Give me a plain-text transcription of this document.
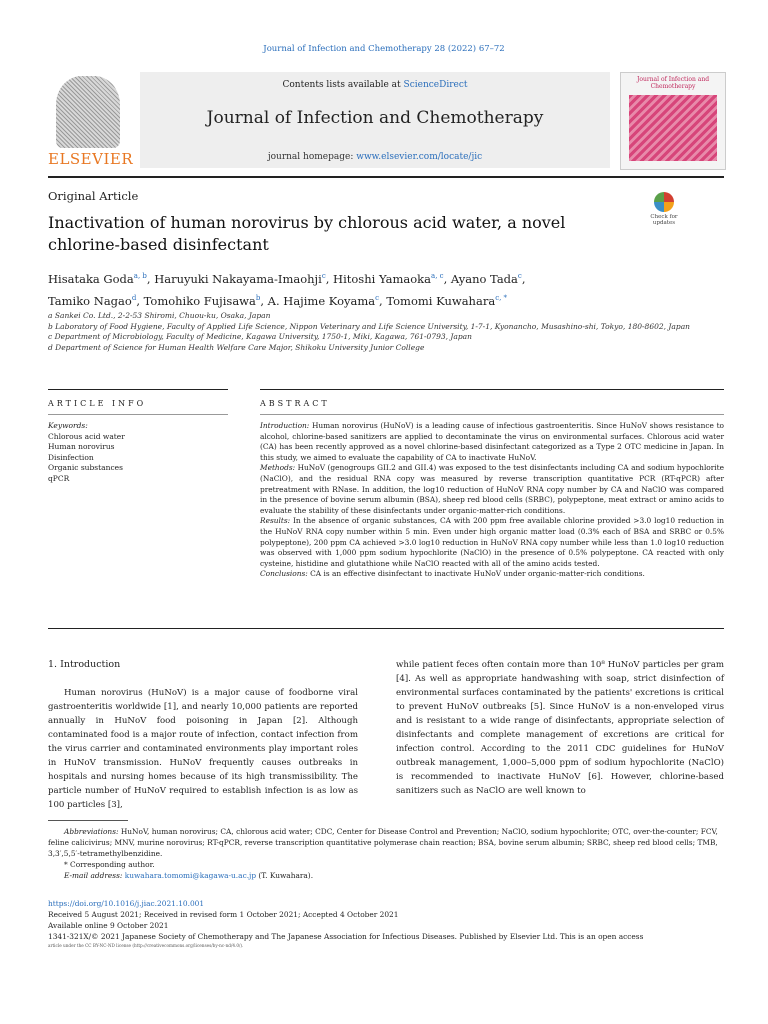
Journal of Infection and Chemotherapy 28 (2022) 67–72
ELSEVIER
Contents lists available at ScienceDirect
Journal of Infection and Chemotherapy
journal homepage: www.elsevier.com/locate/jic
Journal of Infection and Chemotherapy
Original Article
Inactivation of human norovirus by chlorous acid water, a novel chlorine-based disinfectant
Check for updates
Hisataka Goda$^{a, b}$, Haruyuki Nakayama-Imaohji$^c$, Hitoshi Yamaoka$^{a, c}$, Ayano Tada$^c$,
Tamiko Nagao$^d$, Tomohiko Fujisawa$^b$, A. Hajime Koyama$^c$, Tomomi Kuwahara$^{c, *}$
a Sankei Co. Ltd., 2-2-53 Shiromi, Chuou-ku, Osaka, Japan
b Laboratory of Food Hygiene, Faculty of Applied Life Science, Nippon Veterinary and Life Science University, 1-7-1, Kyonancho, Musashino-shi, Tokyo, 180-8602, Japan
c Department of Microbiology, Faculty of Medicine, Kagawa University, 1750-1, Miki, Kagawa, 761-0793, Japan
d Department of Science for Human Health Welfare Care Major, Shikoku University Junior College
ARTICLE INFO	ABSTRACT
Keywords:
Chlorous acid water
Human norovirus
Disinfection
Organic substances
qPCR

Introduction: Human norovirus (HuNoV) is a leading cause of infectious gastroenteritis. Since HuNoV shows resistance to alcohol, chlorine-based sanitizers are applied to decontaminate the virus on environmental surfaces. Chlorous acid water (CA) has been recently approved as a novel chlorine-based disinfectant categorized as a Type 2 OTC medicine in Japan. In this study, we aimed to evaluate the capability of CA to inactivate HuNoV.

Methods: HuNoV (genogroups GII.2 and GII.4) was exposed to the test disinfectants including CA and sodium hypochlorite (NaClO), and the residual RNA copy was measured by reverse transcription quantitative PCR (RT-qPCR) after pretreatment with RNase. In addition, the log10 reduction of HuNoV RNA copy number by CA and NaClO was compared in the presence of bovine serum albumin (BSA), sheep red blood cells (SRBC), polypeptone, meat extract or amino acids to evaluate the stability of these disinfectants under organic-matter-rich conditions.

Results: In the absence of organic substances, CA with 200 ppm free available chlorine provided >3.0 log10 reduction in the HuNoV RNA copy number within 5 min. Even under high organic matter load (0.3% each of BSA and SRBC or 0.5% polypeptone), 200 ppm CA achieved >3.0 log10 reduction in HuNoV RNA copy number while less than 1.0 log10 reduction was observed with 1,000 ppm sodium hypochlorite (NaClO) in the presence of 0.5% polypeptone. CA reacted with only cysteine, histidine and glutathione while NaClO reacted with all of the amino acids tested.

Conclusions: CA is an effective disinfectant to inactivate HuNoV under organic-matter-rich conditions.

1. Introduction

Human norovirus (HuNoV) is a major cause of foodborne viral gastroenteritis worldwide [1], and nearly 10,000 patients are reported annually in HuNoV food poisoning in Japan [2]. Although contaminated food is a major route of infection, contact infection from the virus carrier and contaminated environments play important roles in HuNoV transmission. HuNoV frequently causes outbreaks in hospitals and nursing homes because of its high transmissibility. The particle number of HuNoV required to establish infection is as low as 100 particles [3],

while patient feces often contain more than 10⁸ HuNoV particles per gram [4]. As well as appropriate handwashing with soap, strict disinfection of environmental surfaces contaminated by the patients' excretions is critical to prevent HuNoV outbreaks [5]. Since HuNoV is a non-enveloped virus and is resistant to a wide range of disinfectants, appropriate selection of disinfectants and complete management of excretions are critical for infection control. According to the 2011 CDC guidelines for HuNoV outbreak management, 1,000–5,000 ppm of sodium hypochlorite (NaClO) is recommended to inactivate HuNoV [6]. However, chlorine-based sanitizers such as NaClO are well known to

Abbreviations: HuNoV, human norovirus; CA, chlorous acid water; CDC, Center for Disease Control and Prevention; NaClO, sodium hypochlorite; OTC, over-the-counter; FCV, feline calicivirus; MNV, murine norovirus; RT-qPCR, reverse transcription quantitative polymerase chain reaction; BSA, bovine serum albumin; SRBC, sheep red blood cells; TMB, 3,3′,5,5′-tetramethylbenzidine.

* Corresponding author.

E-mail address: kuwahara.tomomi@kagawa-u.ac.jp (T. Kuwahara).

https://doi.org/10.1016/j.jiac.2021.10.001

Received 5 August 2021; Received in revised form 1 October 2021; Accepted 4 October 2021

Available online 9 October 2021

1341-321X/© 2021 Japanese Society of Chemotherapy and The Japanese Association for Infectious Diseases. Published by Elsevier Ltd. This is an open access

article under the CC BY-NC-ND license (http://creativecommons.org/licenses/by-nc-nd/4.0/).
